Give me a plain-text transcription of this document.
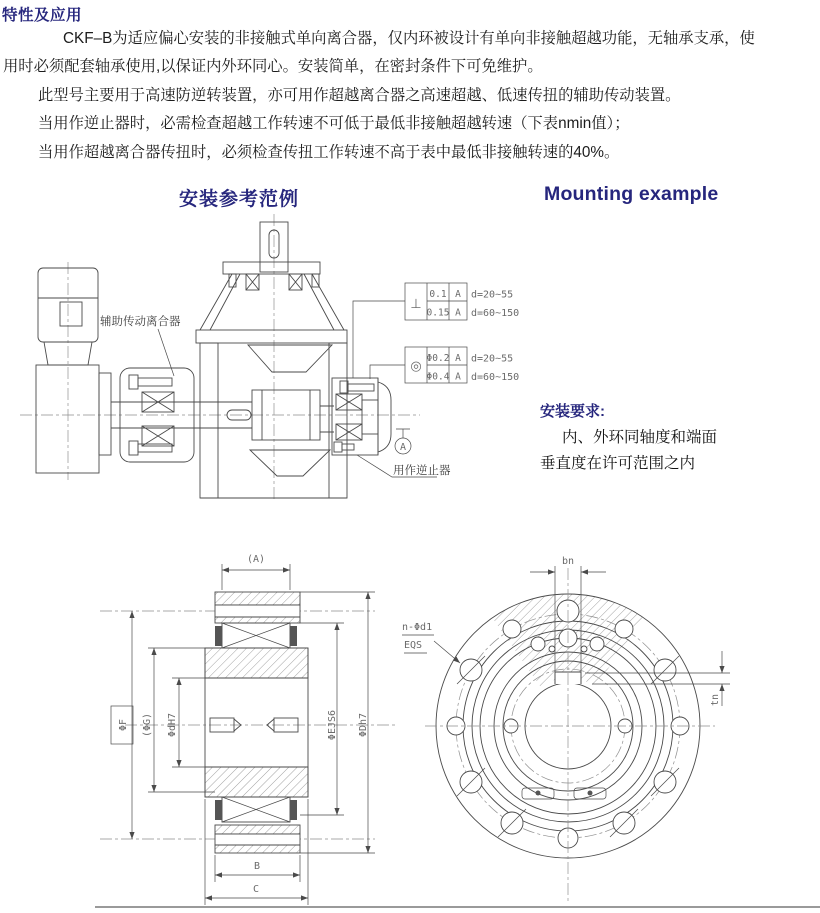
特性及应用
CKF–B为适应偏心安装的非接触式单向离合器，仅内环被设计有单向非接触超越功能，无轴承支承，使
用时必须配套轴承使用,以保证内外环同心。安装简单，在密封条件下可免维护。
此型号主要用于高速防逆转装置，亦可用作超越离合器之高速超越、低速传扭的辅助传动装置。
当用作逆止器时，必需检查超越工作转速不可低于最低非接触超越转速（下表nmin值）；
当用作超越离合器传扭时，必须检查传扭工作转速不高于表中最低非接触转速的40%。
安装参考范例	Mounting example
辅助传动离合器
A
用作逆止器
⊥
0.1 A
0.15 A
d=20~55
d=60~150
◎
Φ0.2 A
Φ0.4 A
d=20~55
d=60~150
安装要求:
内、外环同轴度和端面
垂直度在许可范围之内
(A)
ΦF (ΦG) ΦdH7	ΦEJS6 ΦDh7
B
C
bn
tn
n-Φd1
EQS
